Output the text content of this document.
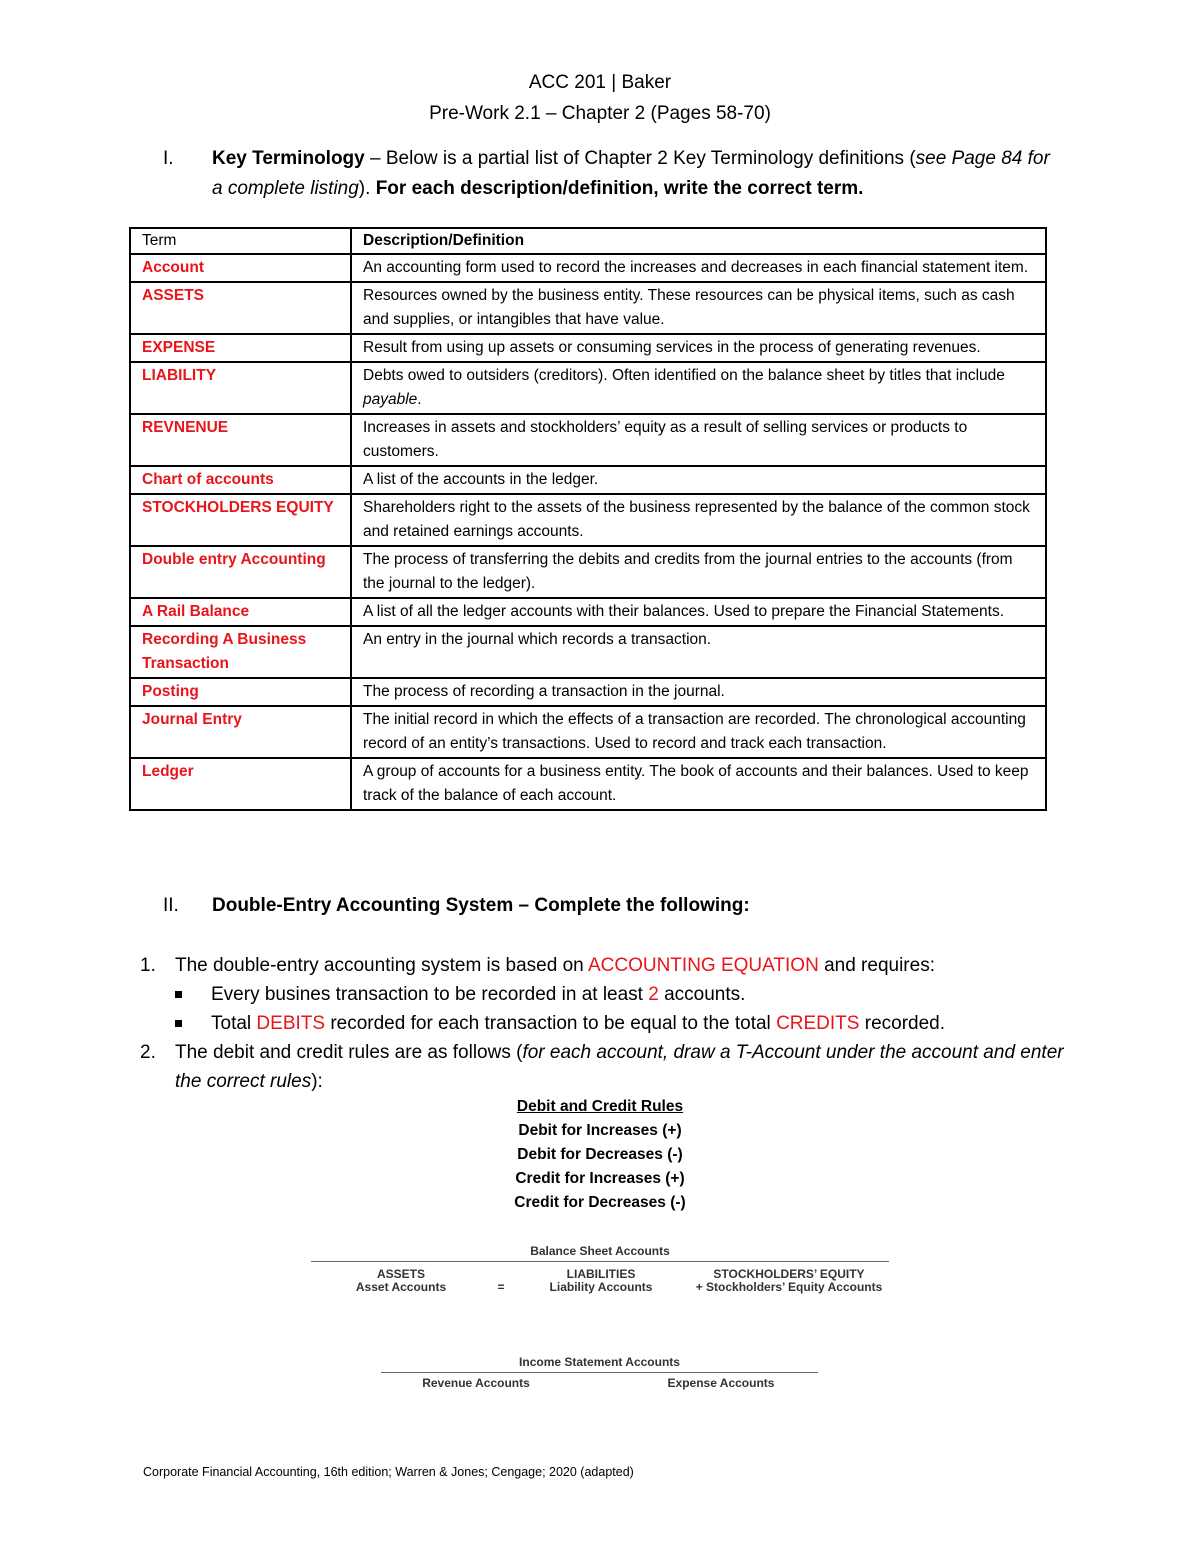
ACC 201 | Baker
Pre-Work 2.1 – Chapter 2 (Pages 58-70)
I. Key Terminology – Below is a partial list of Chapter 2 Key Terminology definitions (see Page 84 for a complete listing). For each description/definition, write the correct term.
Term	Description/Definition
Account	An accounting form used to record the increases and decreases in each financial statement item.
ASSETS	Resources owned by the business entity. These resources can be physical items, such as cash and supplies, or intangibles that have value.
EXPENSE	Result from using up assets or consuming services in the process of generating revenues.
LIABILITY	Debts owed to outsiders (creditors). Often identified on the balance sheet by titles that include payable.
REVNENUE	Increases in assets and stockholders’ equity as a result of selling services or products to customers.
Chart of accounts	A list of the accounts in the ledger.
STOCKHOLDERS EQUITY	Shareholders right to the assets of the business represented by the balance of the common stock and retained earnings accounts.
Double entry Accounting	The process of transferring the debits and credits from the journal entries to the accounts (from the journal to the ledger).
A Rail Balance	A list of all the ledger accounts with their balances. Used to prepare the Financial Statements.
Recording A Business Transaction	An entry in the journal which records a transaction.
Posting	The process of recording a transaction in the journal.
Journal Entry	The initial record in which the effects of a transaction are recorded. The chronological accounting record of an entity’s transactions. Used to record and track each transaction.
Ledger	A group of accounts for a business entity. The book of accounts and their balances. Used to keep track of the balance of each account.
II. Double-Entry Accounting System – Complete the following:
1. The double-entry accounting system is based on ACCOUNTING EQUATION and requires:
Every busines transaction to be recorded in at least 2 accounts.
Total DEBITS recorded for each transaction to be equal to the total CREDITS recorded.
2. The debit and credit rules are as follows (for each account, draw a T-Account under the account and enter the correct rules):
Debit and Credit Rules
Debit for Increases (+)
Debit for Decreases (-)
Credit for Increases (+)
Credit for Decreases (-)
Balance Sheet Accounts
ASSETS
Asset Accounts	=
LIABILITIES
Liability Accounts
STOCKHOLDERS’ EQUITY
+ Stockholders’ Equity Accounts
Income Statement Accounts
Revenue Accounts	Expense Accounts
Corporate Financial Accounting, 16th edition; Warren & Jones; Cengage; 2020 (adapted)
